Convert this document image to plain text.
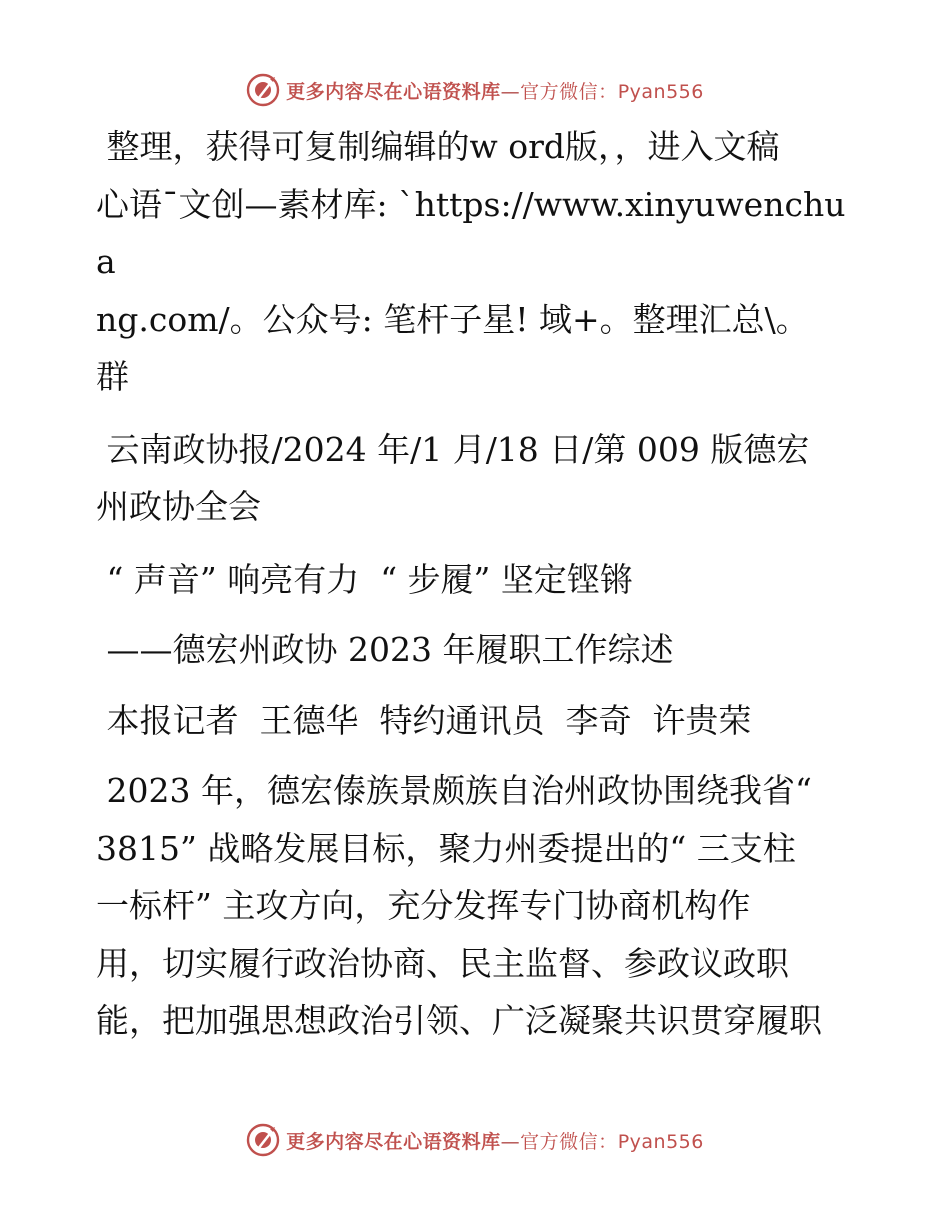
更多内容尽在心语资料库—官方微信：Pyan556

整理，获得可复制编辑的w ord版，，进入文稿

心语¯文创—素材库: `https://www.xinyuwenchua

ng.com/。公众号: 笔杆子星! 域+。整理汇总\。

群

云南政协报/2024 年/1 月/18 日/第 009 版德宏

州政协全会

“ 声音” 响亮有力  “ 步履” 坚定铿锵

——德宏州政协 2023 年履职工作综述

本报记者  王德华  特约通讯员  李奇  许贵荣

2023 年，德宏傣族景颇族自治州政协围绕我省“

3815” 战略发展目标，聚力州委提出的“ 三支柱

一标杆” 主攻方向，充分发挥专门协商机构作

用，切实履行政治协商、民主监督、参政议政职

能，把加强思想政治引领、广泛凝聚共识贯穿履职

更多内容尽在心语资料库—官方微信：Pyan556
